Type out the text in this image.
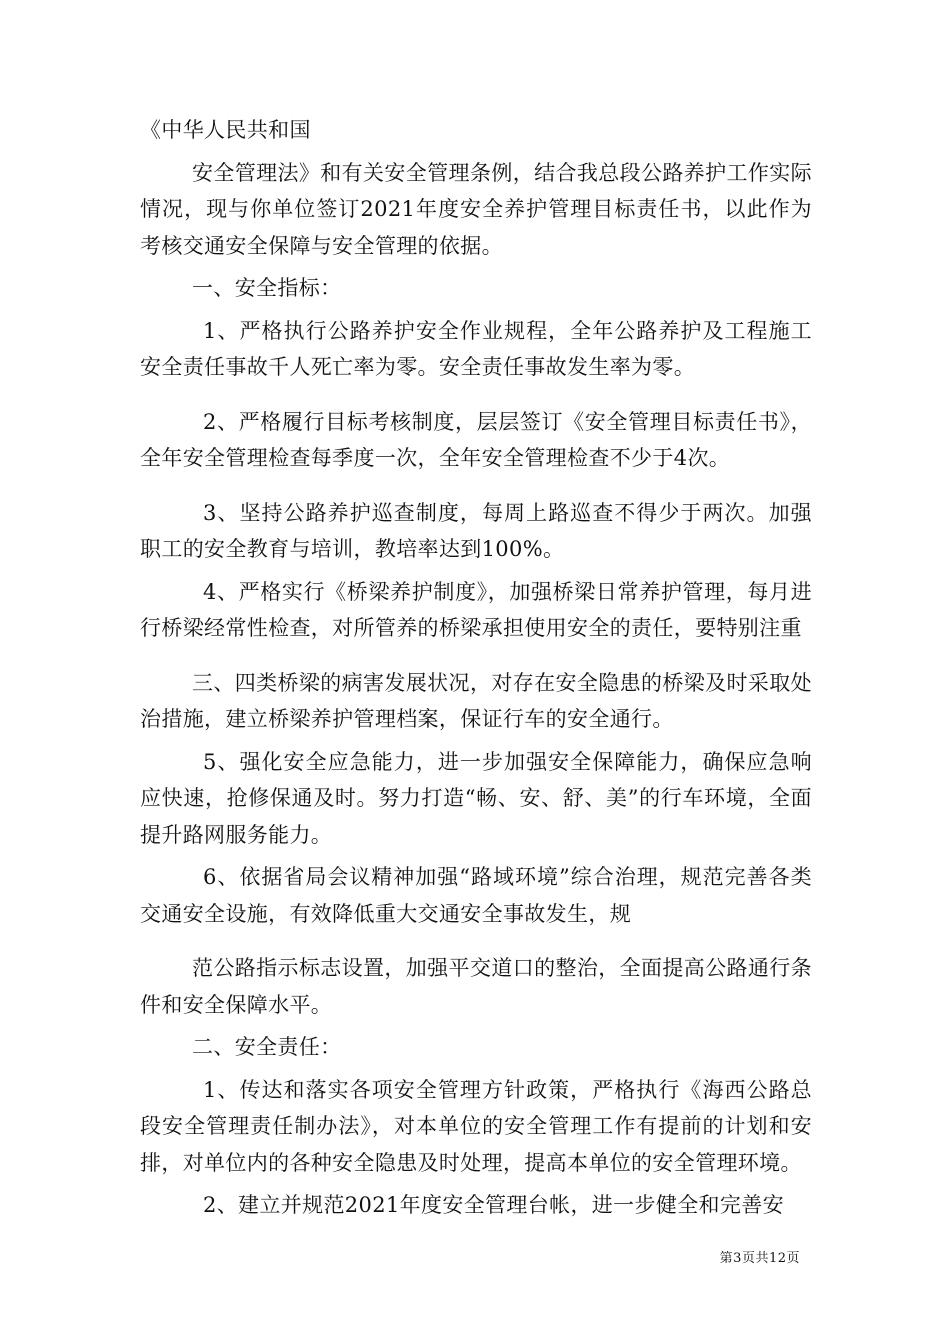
《中华人民共和国

安全管理法》和有关安全管理条例，结合我总段公路养护工作实际情况，现与你单位签订2021年度安全养护管理目标责任书，以此作为考核交通安全保障与安全管理的依据。

一、安全指标：

1、严格执行公路养护安全作业规程，全年公路养护及工程施工安全责任事故千人死亡率为零。安全责任事故发生率为零。

2、严格履行目标考核制度，层层签订《安全管理目标责任书》，全年安全管理检查每季度一次，全年安全管理检查不少于4次。

3、坚持公路养护巡查制度，每周上路巡查不得少于两次。加强职工的安全教育与培训，教培率达到100%。

4、严格实行《桥梁养护制度》，加强桥梁日常养护管理，每月进行桥梁经常性检查，对所管养的桥梁承担使用安全的责任，要特别注重

三、四类桥梁的病害发展状况，对存在安全隐患的桥梁及时采取处治措施，建立桥梁养护管理档案，保证行车的安全通行。

5、强化安全应急能力，进一步加强安全保障能力，确保应急响应快速，抢修保通及时。努力打造“畅、安、舒、美”的行车环境，全面提升路网服务能力。

6、依据省局会议精神加强“路域环境”综合治理，规范完善各类交通安全设施，有效降低重大交通安全事故发生，规

范公路指示标志设置，加强平交道口的整治，全面提高公路通行条件和安全保障水平。

二、安全责任：

1、传达和落实各项安全管理方针政策，严格执行《海西公路总段安全管理责任制办法》，对本单位的安全管理工作有提前的计划和安排，对单位内的各种安全隐患及时处理，提高本单位的安全管理环境。

2、建立并规范2021年度安全管理台帐，进一步健全和完善安

第3页共12页
